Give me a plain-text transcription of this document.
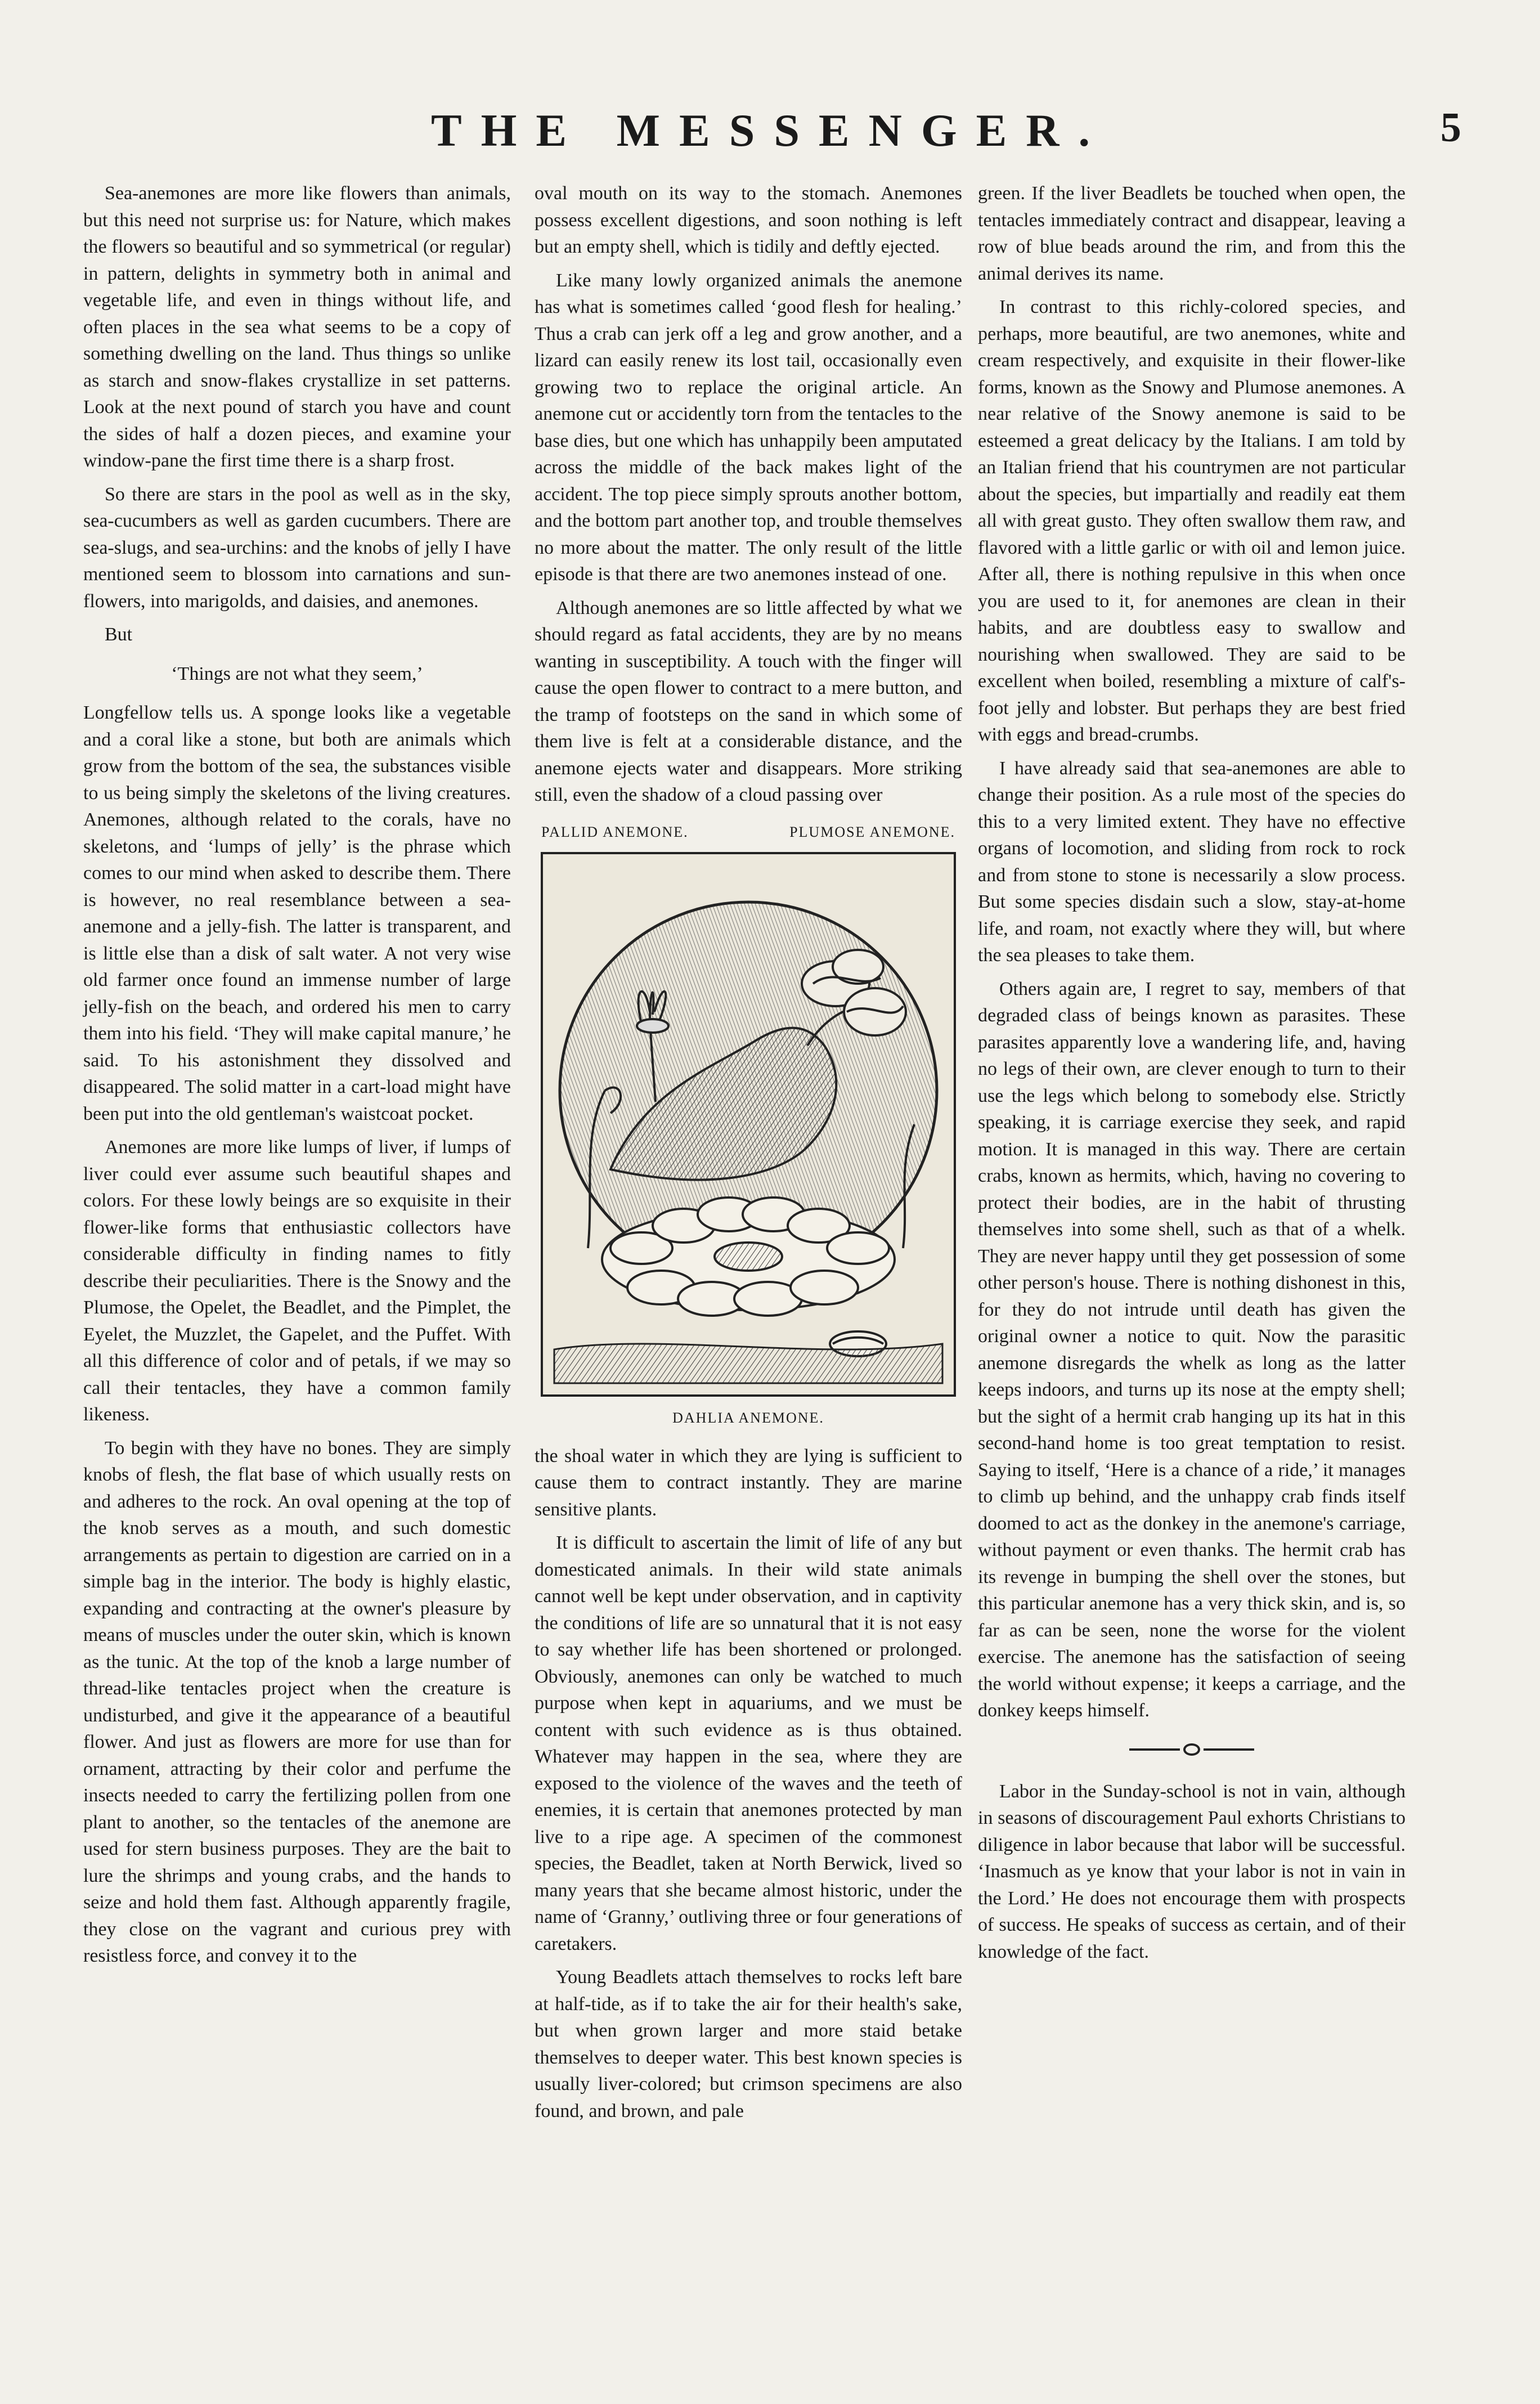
THE MESSENGER.	5

Sea-anemones are more like flowers than animals, but this need not surprise us: for Nature, which makes the flowers so beautiful and so symmetrical (or regular) in pattern, delights in symmetry both in animal and vegetable life, and even in things without life, and often places in the sea what seems to be a copy of something dwelling on the land. Thus things so unlike as starch and snow-flakes crystallize in set patterns. Look at the next pound of starch you have and count the sides of half a dozen pieces, and examine your window-pane the first time there is a sharp frost.

So there are stars in the pool as well as in the sky, sea-cucumbers as well as garden cucumbers. There are sea-slugs, and sea-urchins: and the knobs of jelly I have mentioned seem to blossom into carnations and sun-flowers, into marigolds, and daisies, and anemones.

But

‘Things are not what they seem,’

Longfellow tells us. A sponge looks like a vegetable and a coral like a stone, but both are animals which grow from the bottom of the sea, the substances visible to us being simply the skeletons of the living creatures. Anemones, although related to the corals, have no skeletons, and ‘lumps of jelly’ is the phrase which comes to our mind when asked to describe them. There is however, no real resemblance between a sea-anemone and a jelly-fish. The latter is transparent, and is little else than a disk of salt water. A not very wise old farmer once found an immense number of large jelly-fish on the beach, and ordered his men to carry them into his field. ‘They will make capital manure,’ he said. To his astonishment they dissolved and disappeared. The solid matter in a cart-load might have been put into the old gentleman's waistcoat pocket.

Anemones are more like lumps of liver, if lumps of liver could ever assume such beautiful shapes and colors. For these lowly beings are so exquisite in their flower-like forms that enthusiastic collectors have considerable difficulty in finding names to fitly describe their peculiarities. There is the Snowy and the Plumose, the Opelet, the Beadlet, and the Pimplet, the Eyelet, the Muzzlet, the Gapelet, and the Puffet. With all this difference of color and of petals, if we may so call their tentacles, they have a common family likeness.

To begin with they have no bones. They are simply knobs of flesh, the flat base of which usually rests on and adheres to the rock. An oval opening at the top of the knob serves as a mouth, and such domestic arrangements as pertain to digestion are carried on in a simple bag in the interior. The body is highly elastic, expanding and contracting at the owner's pleasure by means of muscles under the outer skin, which is known as the tunic. At the top of the knob a large number of thread-like tentacles project when the creature is undisturbed, and give it the appearance of a beautiful flower. And just as flowers are more for use than for ornament, attracting by their color and perfume the insects needed to carry the fertilizing pollen from one plant to another, so the tentacles of the anemone are used for stern business purposes. They are the bait to lure the shrimps and young crabs, and the hands to seize and hold them fast. Although apparently fragile, they close on the vagrant and curious prey with resistless force, and convey it to the

oval mouth on its way to the stomach. Anemones possess excellent digestions, and soon nothing is left but an empty shell, which is tidily and deftly ejected.

Like many lowly organized animals the anemone has what is sometimes called ‘good flesh for healing.’ Thus a crab can jerk off a leg and grow another, and a lizard can easily renew its lost tail, occasionally even growing two to replace the original article. An anemone cut or accidently torn from the tentacles to the base dies, but one which has unhappily been amputated across the middle of the back makes light of the accident. The top piece simply sprouts another bottom, and the bottom part another top, and trouble themselves no more about the matter. The only result of the little episode is that there are two anemones instead of one.

Although anemones are so little affected by what we should regard as fatal accidents, they are by no means wanting in susceptibility. A touch with the finger will cause the open flower to contract to a mere button, and the tramp of footsteps on the sand in which some of them live is felt at a considerable distance, and the anemone ejects water and disappears. More striking still, even the shadow of a cloud passing over

PALLID ANEMONE.	PLUMOSE ANEMONE.
DAHLIA ANEMONE.

the shoal water in which they are lying is sufficient to cause them to contract instantly. They are marine sensitive plants.

It is difficult to ascertain the limit of life of any but domesticated animals. In their wild state animals cannot well be kept under observation, and in captivity the conditions of life are so unnatural that it is not easy to say whether life has been shortened or prolonged. Obviously, anemones can only be watched to much purpose when kept in aquariums, and we must be content with such evidence as is thus obtained. Whatever may happen in the sea, where they are exposed to the violence of the waves and the teeth of enemies, it is certain that anemones protected by man live to a ripe age. A specimen of the commonest species, the Beadlet, taken at North Berwick, lived so many years that she became almost historic, under the name of ‘Granny,’ outliving three or four generations of caretakers.

Young Beadlets attach themselves to rocks left bare at half-tide, as if to take the air for their health's sake, but when grown larger and more staid betake themselves to deeper water. This best known species is usually liver-colored; but crimson specimens are also found, and brown, and pale

green. If the liver Beadlets be touched when open, the tentacles immediately contract and disappear, leaving a row of blue beads around the rim, and from this the animal derives its name.

In contrast to this richly-colored species, and perhaps, more beautiful, are two anemones, white and cream respectively, and exquisite in their flower-like forms, known as the Snowy and Plumose anemones. A near relative of the Snowy anemone is said to be esteemed a great delicacy by the Italians. I am told by an Italian friend that his countrymen are not particular about the species, but impartially and readily eat them all with great gusto. They often swallow them raw, and flavored with a little garlic or with oil and lemon juice. After all, there is nothing repulsive in this when once you are used to it, for anemones are clean in their habits, and are doubtless easy to swallow and nourishing when swallowed. They are said to be excellent when boiled, resembling a mixture of calf's-foot jelly and lobster. But perhaps they are best fried with eggs and bread-crumbs.

I have already said that sea-anemones are able to change their position. As a rule most of the species do this to a very limited extent. They have no effective organs of locomotion, and sliding from rock to rock and from stone to stone is necessarily a slow process. But some species disdain such a slow, stay-at-home life, and roam, not exactly where they will, but where the sea pleases to take them.

Others again are, I regret to say, members of that degraded class of beings known as parasites. These parasites apparently love a wandering life, and, having no legs of their own, are clever enough to turn to their use the legs which belong to somebody else. Strictly speaking, it is carriage exercise they seek, and rapid motion. It is managed in this way. There are certain crabs, known as hermits, which, having no covering to protect their bodies, are in the habit of thrusting themselves into some shell, such as that of a whelk. They are never happy until they get possession of some other person's house. There is nothing dishonest in this, for they do not intrude until death has given the original owner a notice to quit. Now the parasitic anemone disregards the whelk as long as the latter keeps indoors, and turns up its nose at the empty shell; but the sight of a hermit crab hanging up its hat in this second-hand home is too great temptation to resist. Saying to itself, ‘Here is a chance of a ride,’ it manages to climb up behind, and the unhappy crab finds itself doomed to act as the donkey in the anemone's carriage, without payment or even thanks. The hermit crab has its revenge in bumping the shell over the stones, but this particular anemone has a very thick skin, and is, so far as can be seen, none the worse for the violent exercise. The anemone has the satisfaction of seeing the world without expense; it keeps a carriage, and the donkey keeps himself.

Labor in the Sunday-school is not in vain, although in seasons of discouragement Paul exhorts Christians to diligence in labor because that labor will be successful. ‘Inasmuch as ye know that your labor is not in vain in the Lord.’ He does not encourage them with prospects of success. He speaks of success as certain, and of their knowledge of the fact.
